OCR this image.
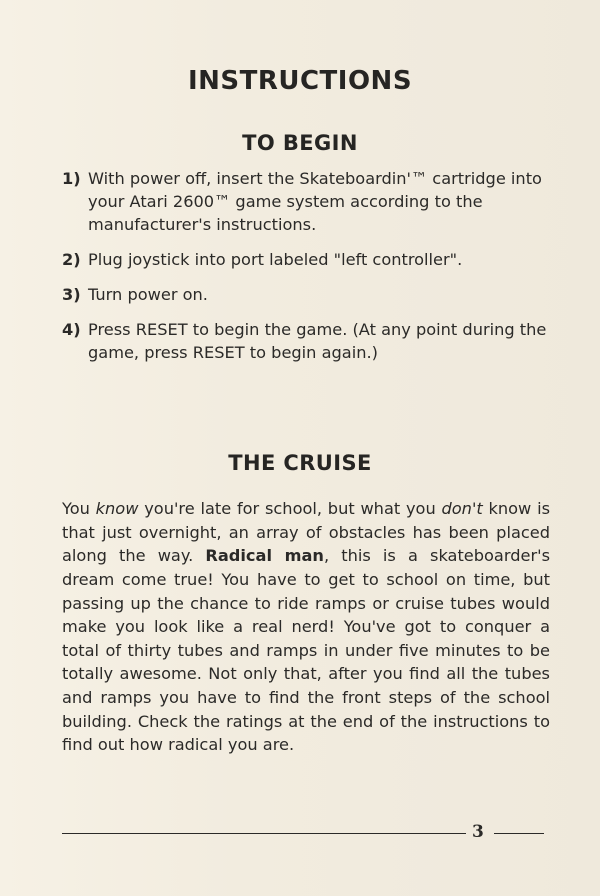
INSTRUCTIONS
TO BEGIN
1) With power off, insert the Skateboardin'™ cartridge into your Atari 2600™ game system according to the manufacturer's instructions.
2) Plug joystick into port labeled "left controller".
3) Turn power on.
4) Press RESET to begin the game. (At any point during the game, press RESET to begin again.)
THE CRUISE

You know you're late for school, but what you don't know is that just overnight, an array of obstacles has been placed along the way. Radical man, this is a skateboarder's dream come true! You have to get to school on time, but passing up the chance to ride ramps or cruise tubes would make you look like a real nerd! You've got to conquer a total of thirty tubes and ramps in under five minutes to be totally awesome. Not only that, after you find all the tubes and ramps you have to find the front steps of the school building. Check the ratings at the end of the instructions to find out how radical you are.

3
